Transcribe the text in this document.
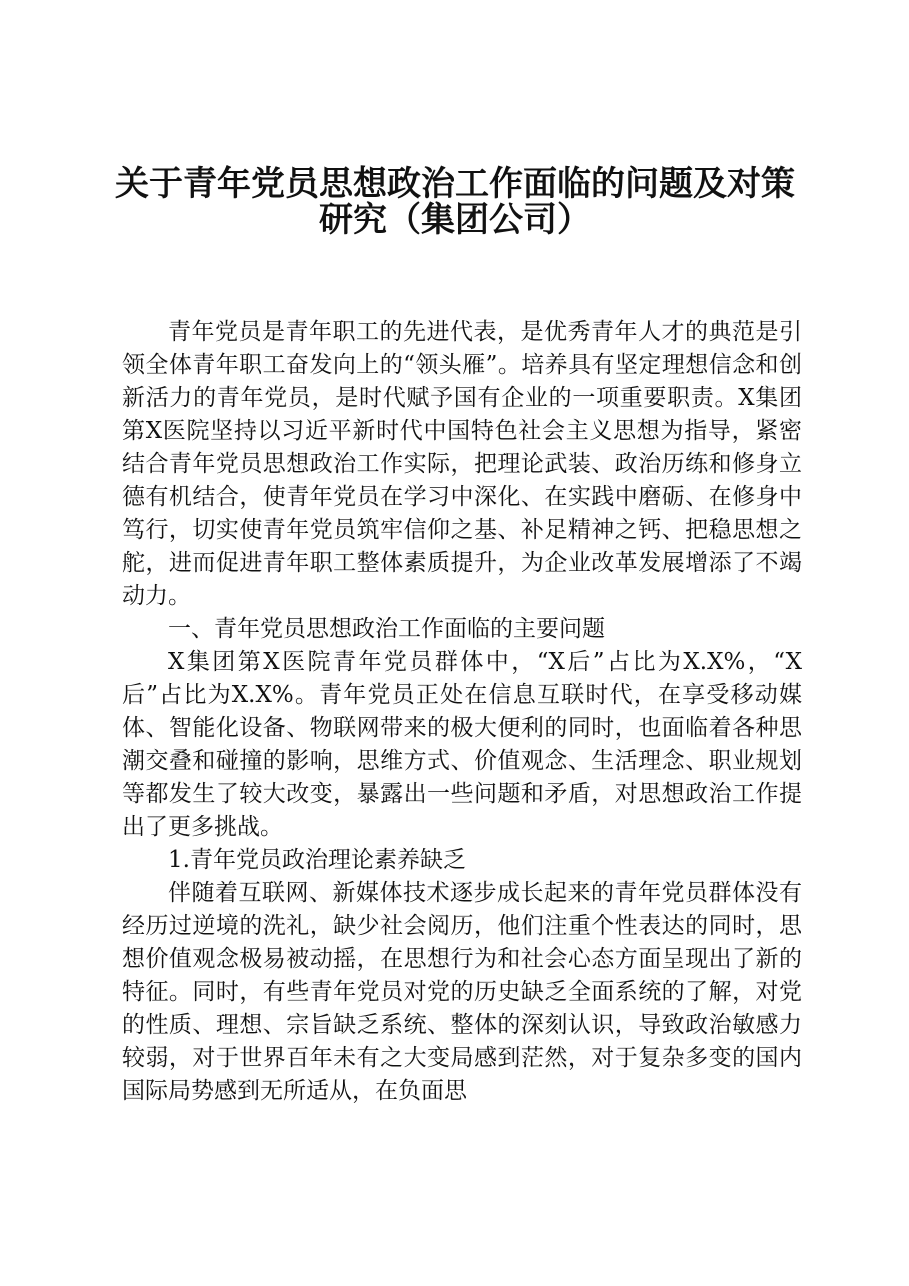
关于青年党员思想政治工作面临的问题及对策
研究（集团公司）

青年党员是青年职工的先进代表，是优秀青年人才的典范是引领全体青年职工奋发向上的“领头雁”。培养具有坚定理想信念和创新活力的青年党员，是时代赋予国有企业的一项重要职责。X集团第X医院坚持以习近平新时代中国特色社会主义思想为指导，紧密结合青年党员思想政治工作实际，把理论武装、政治历练和修身立德有机结合，使青年党员在学习中深化、在实践中磨砺、在修身中笃行，切实使青年党员筑牢信仰之基、补足精神之钙、把稳思想之舵，进而促进青年职工整体素质提升，为企业改革发展增添了不竭动力。

一、青年党员思想政治工作面临的主要问题

X集团第X医院青年党员群体中，“X后”占比为X.X%，“X后”占比为X.X%。青年党员正处在信息互联时代，在享受移动媒体、智能化设备、物联网带来的极大便利的同时，也面临着各种思潮交叠和碰撞的影响，思维方式、价值观念、生活理念、职业规划等都发生了较大改变，暴露出一些问题和矛盾，对思想政治工作提出了更多挑战。

1.青年党员政治理论素养缺乏

伴随着互联网、新媒体技术逐步成长起来的青年党员群体没有经历过逆境的洗礼，缺少社会阅历，他们注重个性表达的同时，思想价值观念极易被动摇，在思想行为和社会心态方面呈现出了新的特征。同时，有些青年党员对党的历史缺乏全面系统的了解，对党的性质、理想、宗旨缺乏系统、整体的深刻认识，导致政治敏感力较弱，对于世界百年未有之大变局感到茫然，对于复杂多变的国内国际局势感到无所适从，在负面思
